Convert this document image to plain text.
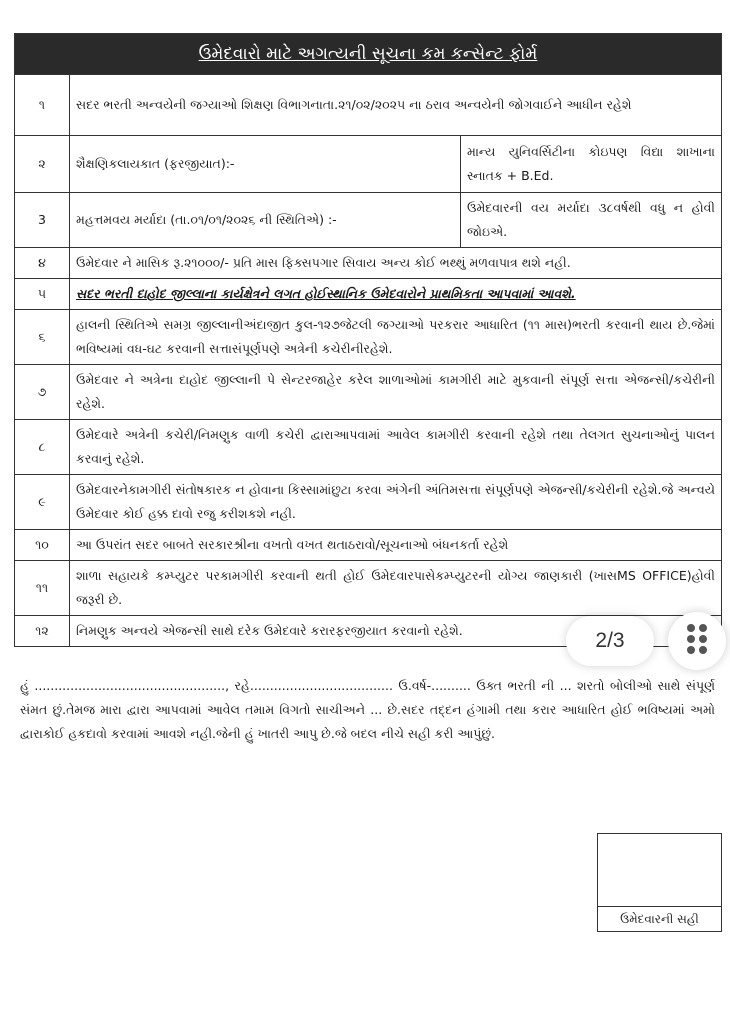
ઉમેદવારો માટે અગત્યની સૂચના કમ કન્સેન્ટ ફોર્મ		
૧	સદર ભરતી અન્વયેની જગ્યાઓ શિક્ષણ વિભાગનાતા.૨૧/૦૨/૨૦૨૫ ના ઠરાવ અન્વયેની જોગવાઈને આધીન રહેશે	
૨	શૈક્ષણિકલાયકાત (ફરજીયાત):-	માન્ય યુનિવર્સિટીના કોઇપણ વિદ્યા શાખાના સ્નાતક + B.Ed.
3	મહત્તમવય મર્યાદા (તા.૦૧/૦૧/૨૦૨૬ ની સ્થિતિએ) :-	ઉમેદવારની વય મર્યાદા ૩૮વર્ષથી વધુ ન હોવી જોઇએ.
૪	ઉમેદવાર ને માસિક રૂ.૨૧૦૦૦/- પ્રતિ માસ ફિક્સપગાર સિવાય અન્ય કોઈ ભથ્થું મળવાપાત્ર થશે નહી.	
૫	સદર ભરતી દાહોદ જીલ્લાના કાર્યક્ષેત્રને લગત હોઈસ્થાનિક ઉમેદવારોને પ્રાથમિકતા આપવામાં આવશે.	
૬	હાલની સ્થિતિએ સમગ્ર જીલ્લાનીઅંદાજીત કુલ-૧૨૭જેટલી જગ્યાઓ પરકરાર આધારિત (૧૧ માસ)ભરતી કરવાની થાય છે.જેમાં ભવિષ્યમાં વધ-ઘટ કરવાની સત્તાસંપૂર્ણપણે અત્રેની કચેરીનીરહેશે.	
૭	ઉમેદવાર ને અત્રેના દાહોદ જીલ્લાની પે સેન્ટરજાહેર કરેલ શાળાઓમાં કામગીરી માટે મુકવાની સંપૂર્ણ સત્તા એજન્સી/કચેરીની રહેશે.	
૮	ઉમેદવારે અત્રેની કચેરી/નિમણુક વાળી કચેરી દ્વારાઆપવામાં આવેલ કામગીરી કરવાની રહેશે તથા તેલગત સુચનાઓનું પાલન કરવાનું રહેશે.	
૯	ઉમેદવારનેકામગીરી સંતોષકારક ન હોવાના કિસ્સામાંછુટા કરવા અંગેની અંતિમસત્તા સંપૂર્ણપણે એજન્સી/કચેરીની રહેશે.જે અન્વયે ઉમેદવાર કોઈ હક્ક દાવો રજુ કરીશકશે નહી.	
૧૦	આ ઉપરાંત સદર બાબતે સરકારશ્રીના વખતો વખત થતાઠરાવો/સૂચનાઓ બંધનકર્તા રહેશે	
૧૧	શાળા સહાયકે કમ્પ્યુટર પરકામગીરી કરવાની થતી હોઈ ઉમેદવારપાસેકમ્પ્યુટરની યોગ્ય જાણકારી (ખાસMS OFFICE)હોવી જરૂરી છે.	
૧૨	નિમણુક અન્વયે એજન્સી સાથે દરેક ઉમેદવારે કરારફરજીયાત કરવાનો રહેશે.	
હું ................................................, રહે.................................... ઉ.વર્ષ-.......... ઉક્ત ભરતી ની ... શરતો બોલીઓ સાથે સંપૂર્ણ સંમત છું.તેમજ મારા દ્વારા આપવામાં આવેલ તમામ વિગતો સાચીઅને ... છે.સદર તદ્દન હંગામી તથા કરાર આધારિત હોઈ ભવિષ્યમાં અમો દ્વારાકોઈ હકદાવો કરવામાં આવશે નહી.જેની હું ખાતરી આપુ છે.જે બદલ નીચે સહી કરી આપુંછું.
ઉમેદવારની સહી
2/3
